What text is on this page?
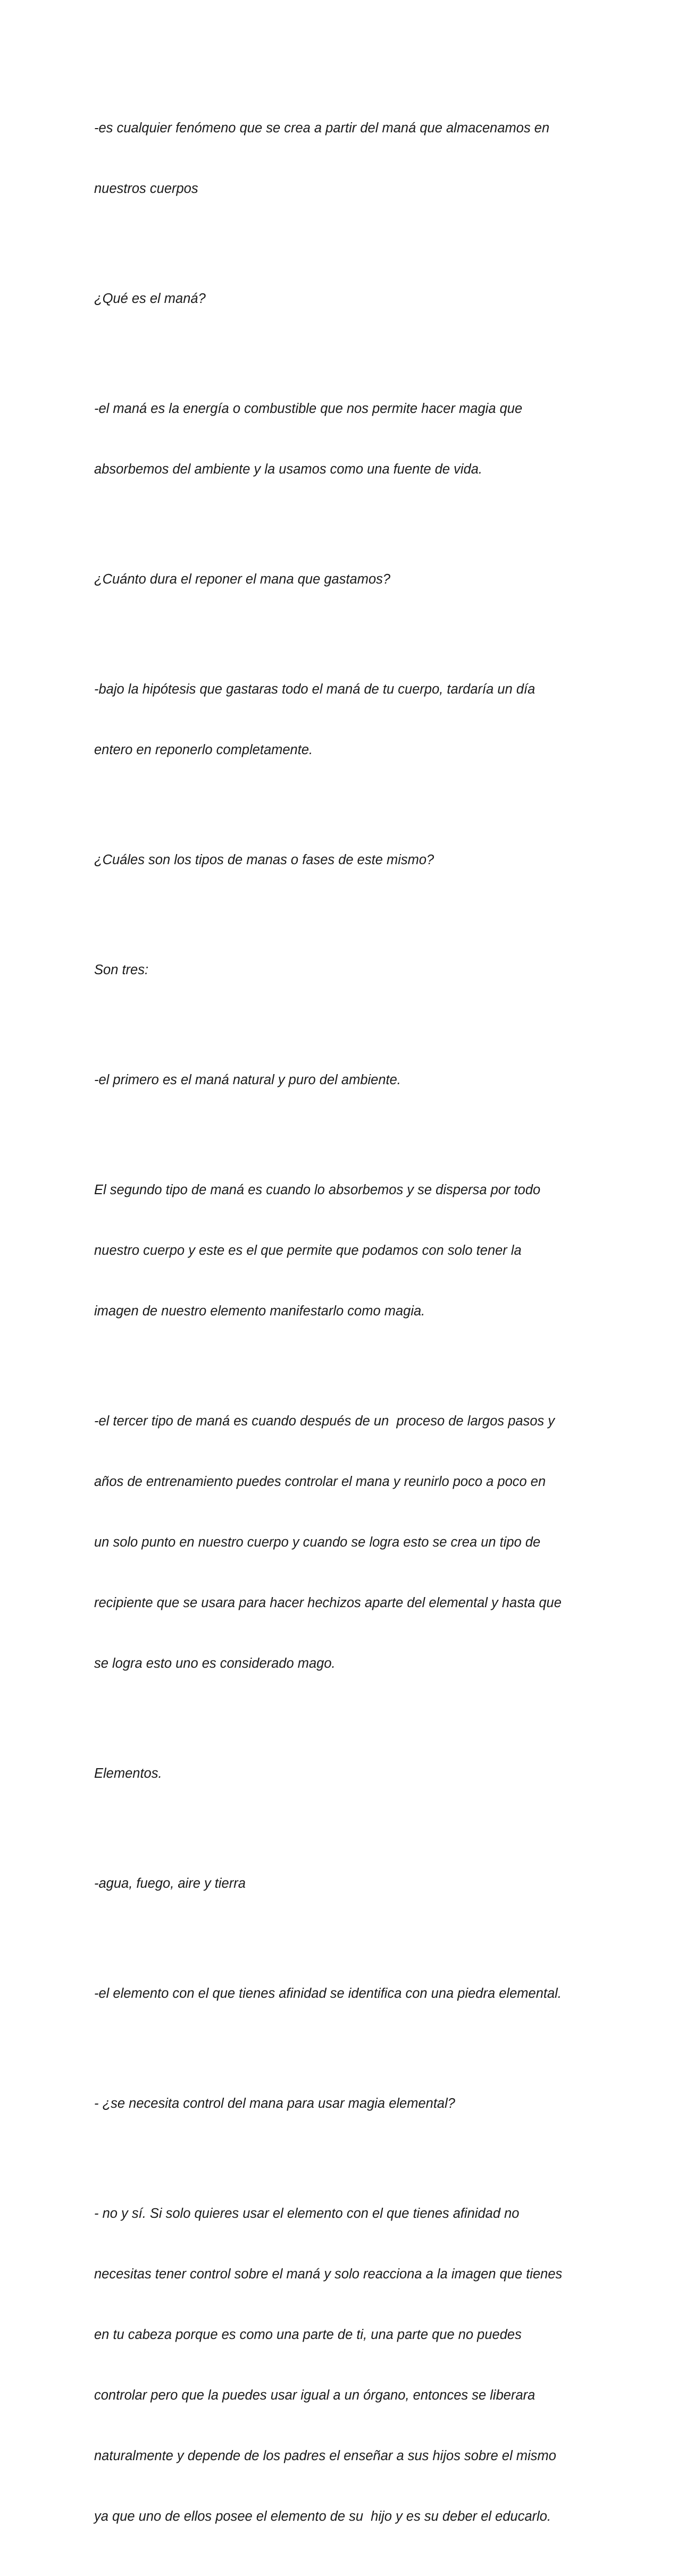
-es cualquier fenómeno que se crea a partir del maná que almacenamos en

nuestros cuerpos

¿Qué es el maná?

-el maná es la energía o combustible que nos permite hacer magia que

absorbemos del ambiente y la usamos como una fuente de vida.

¿Cuánto dura el reponer el mana que gastamos?

-bajo la hipótesis que gastaras todo el maná de tu cuerpo, tardaría un día

entero en reponerlo completamente.

¿Cuáles son los tipos de manas o fases de este mismo?

Son tres:

-el primero es el maná natural y puro del ambiente.

El segundo tipo de maná es cuando lo absorbemos y se dispersa por todo

nuestro cuerpo y este es el que permite que podamos con solo tener la

imagen de nuestro elemento manifestarlo como magia.

-el tercer tipo de maná es cuando después de un  proceso de largos pasos y

años de entrenamiento puedes controlar el mana y reunirlo poco a poco en

un solo punto en nuestro cuerpo y cuando se logra esto se crea un tipo de

recipiente que se usara para hacer hechizos aparte del elemental y hasta que

se logra esto uno es considerado mago.

Elementos.

-agua, fuego, aire y tierra

-el elemento con el que tienes afinidad se identifica con una piedra elemental.

- ¿se necesita control del mana para usar magia elemental?

- no y sí. Si solo quieres usar el elemento con el que tienes afinidad no

necesitas tener control sobre el maná y solo reacciona a la imagen que tienes

en tu cabeza porque es como una parte de ti, una parte que no puedes

controlar pero que la puedes usar igual a un órgano, entonces se liberara

naturalmente y depende de los padres el enseñar a sus hijos sobre el mismo

ya que uno de ellos posee el elemento de su  hijo y es su deber el educarlo.
